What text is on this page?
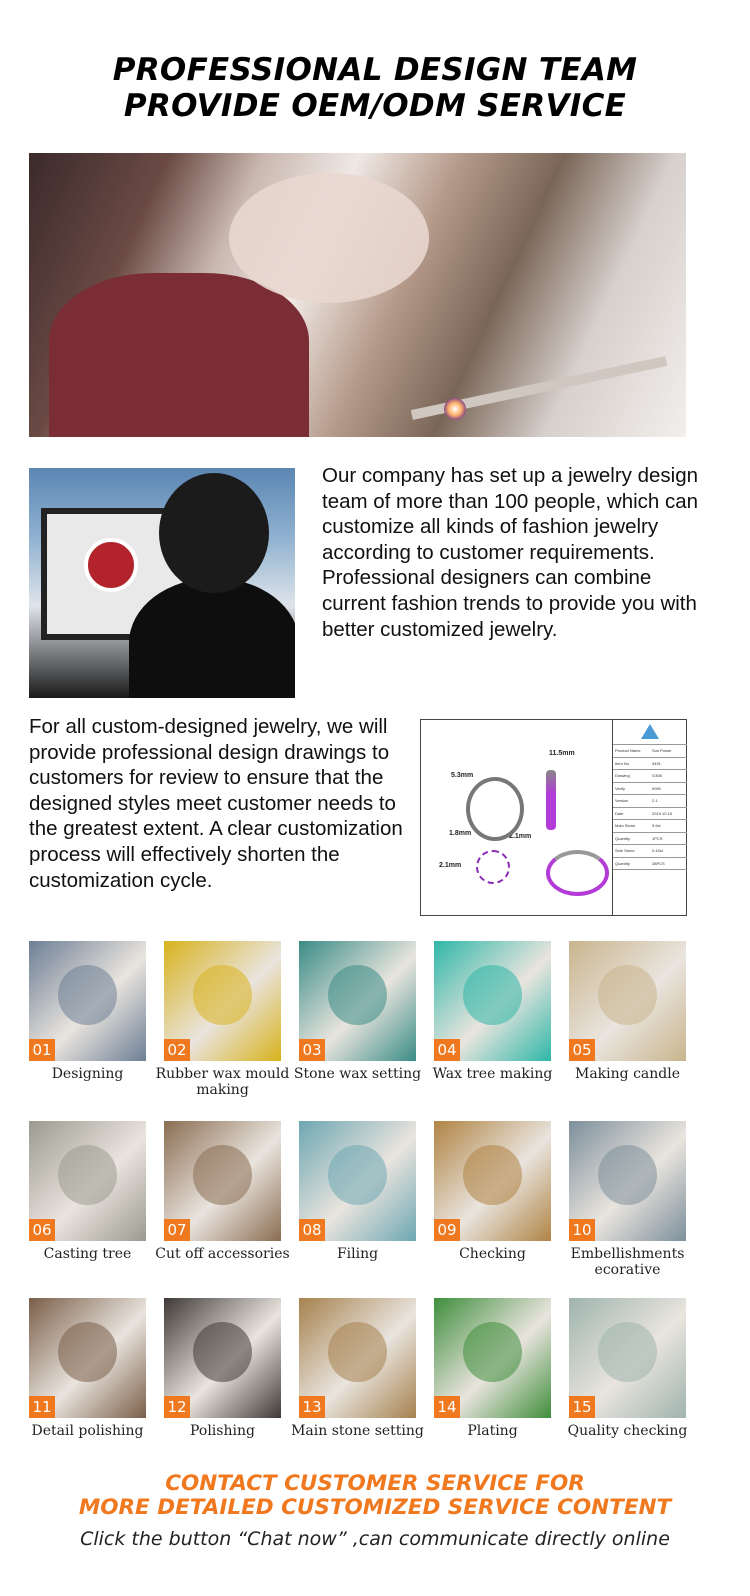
PROFESSIONAL DESIGN TEAM
PROVIDE OEM/ODM SERVICE
Our company has set up a jewelry design team of more than 100 people, which can customize all kinds of fashion jewelry according to customer requirements. Professional designers can combine current fashion trends to provide you with better customized jewelry.
For all custom-designed jewelry, we will provide professional design drawings to customers for review to ensure that the designed styles meet customer needs to the greatest extent. A clear customization process will effectively shorten the customization cycle.
11.5mm
5.3mm
1.8mm	2.1mm
2.1mm
Product Name	Sun Power
Item No	9491
Drawing	G308
Verify	9050
Version	2.1
Date	2019.10.15
Main Stone	5.9ct
Quantity	1PCS
Side Stone	0.43ct
Quantity	28PCS
01
Designing
02
Rubber wax mould making
03
Stone wax setting
04
Wax tree making
05
Making candle
06
Casting tree
07
Cut off accessories
08
Filing
09
Checking
10
Embellishments ecorative
11
Detail polishing
12
Polishing
13
Main stone setting
14
Plating
15
Quality checking
CONTACT CUSTOMER SERVICE FOR
MORE DETAILED CUSTOMIZED SERVICE CONTENT
Click the button “Chat now” ,can communicate directly online
